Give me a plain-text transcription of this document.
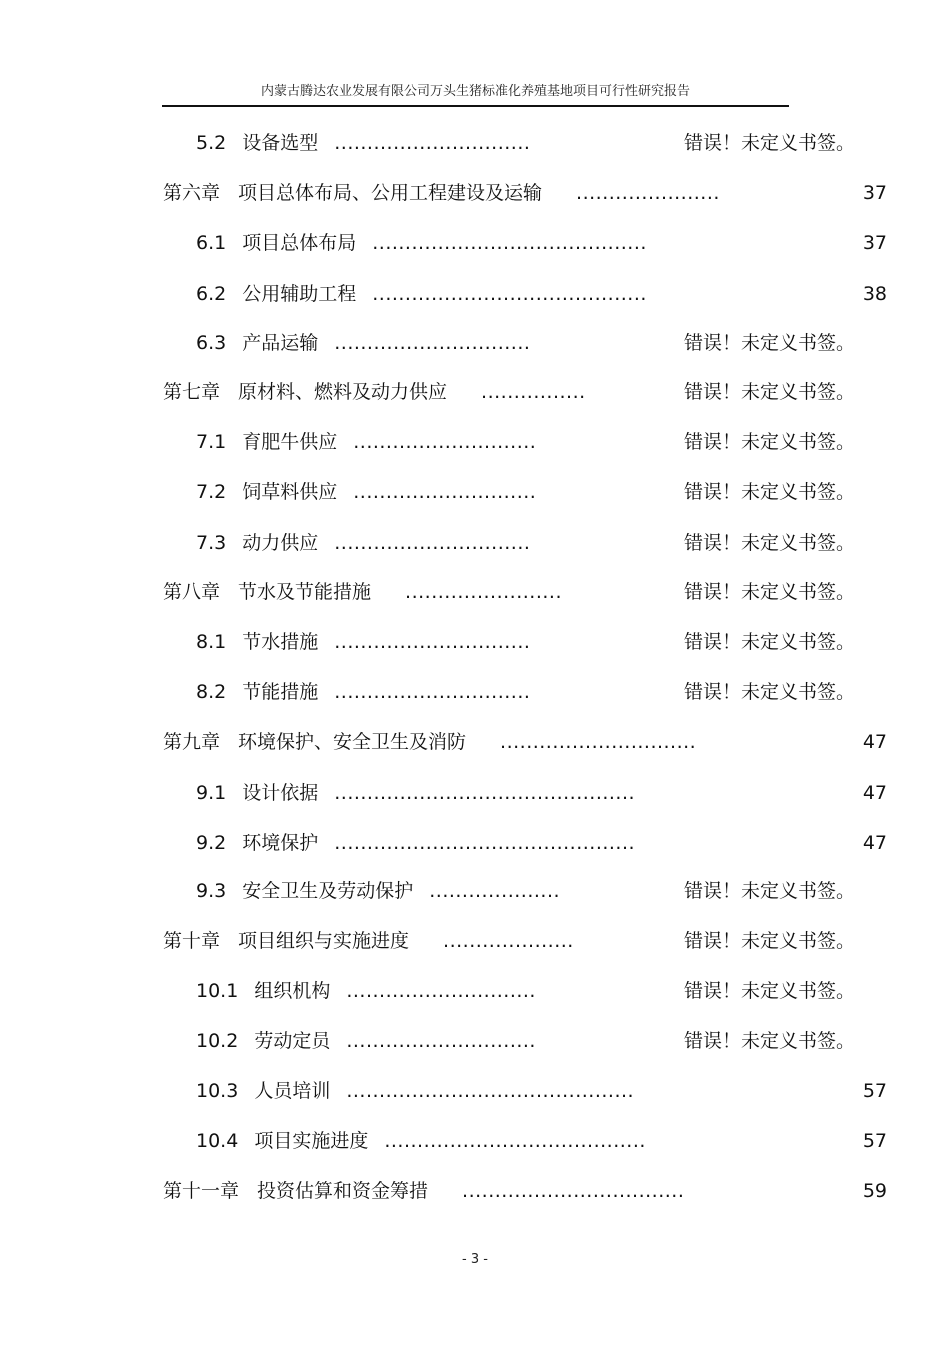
内蒙古腾达农业发展有限公司万头生猪标准化养殖基地项目可行性研究报告
5.2 设备选型 ..............................	错误！未定义书签。
第六章 项目总体布局、公用工程建设及运输 ......................	37
6.1 项目总体布局 ..........................................	37
6.2 公用辅助工程 ..........................................	38
6.3 产品运输 ..............................	错误！未定义书签。
第七章 原材料、燃料及动力供应 ................	错误！未定义书签。
7.1 育肥牛供应 ............................	错误！未定义书签。
7.2 饲草料供应 ............................	错误！未定义书签。
7.3 动力供应 ..............................	错误！未定义书签。
第八章 节水及节能措施 ........................	错误！未定义书签。
8.1 节水措施 ..............................	错误！未定义书签。
8.2 节能措施 ..............................	错误！未定义书签。
第九章 环境保护、安全卫生及消防 ..............................	47
9.1 设计依据 ..............................................	47
9.2 环境保护 ..............................................	47
9.3 安全卫生及劳动保护 ....................	错误！未定义书签。
第十章 项目组织与实施进度 ....................	错误！未定义书签。
10.1 组织机构 .............................	错误！未定义书签。
10.2 劳动定员 .............................	错误！未定义书签。
10.3 人员培训 ............................................	57
10.4 项目实施进度 ........................................	57
第十一章 投资估算和资金筹措 ..................................	59
- 3 -
